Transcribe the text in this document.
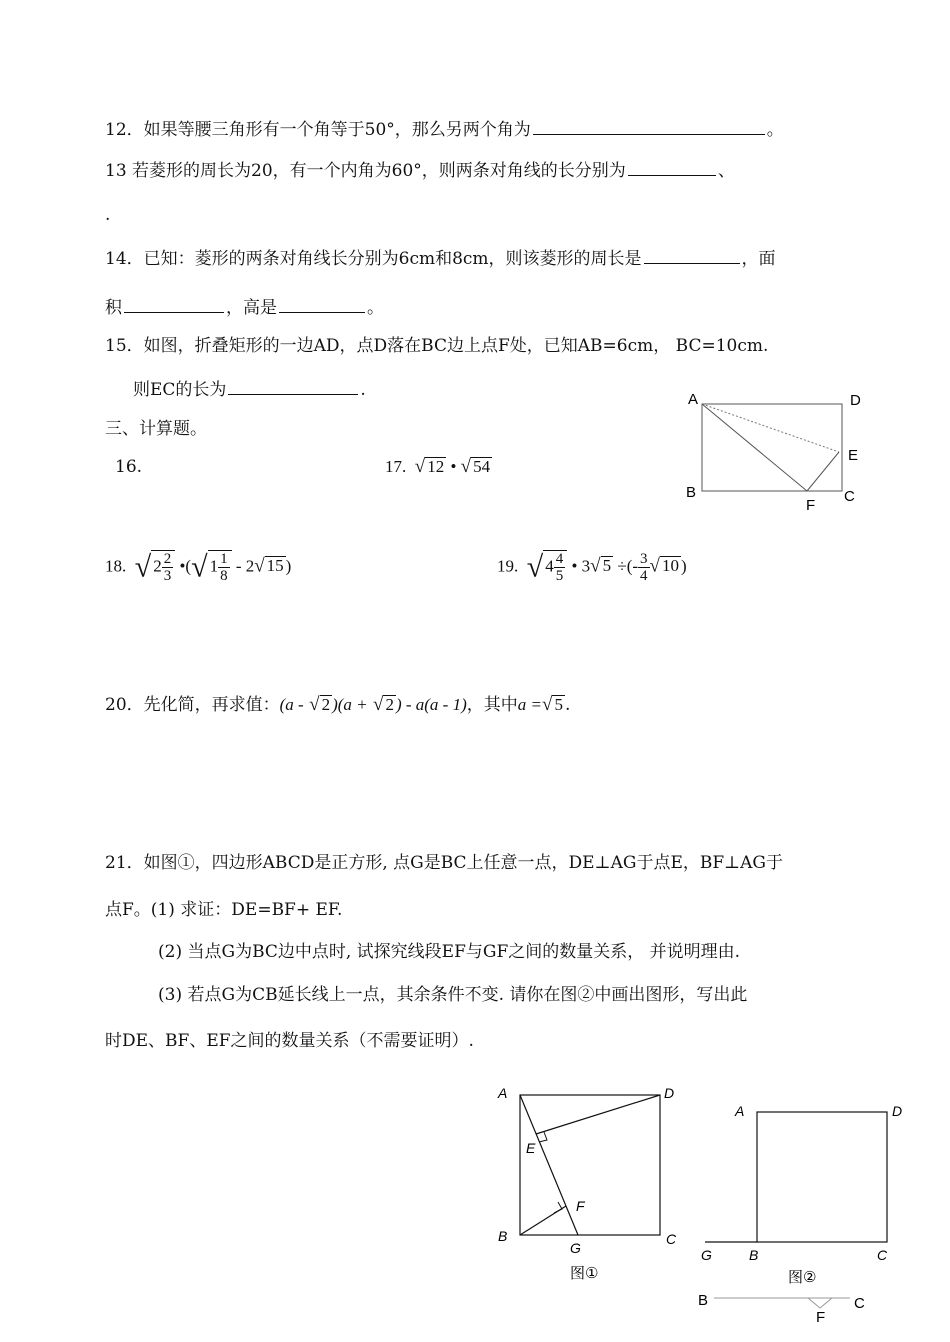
12．如果等腰三角形有一个角等于50°，那么另两个角为	。
13 若菱形的周长为20，有一个内角为60°，则两条对角线的长分别为	、
.
14．已知：菱形的两条对角线长分别为6cm和8cm，则该菱形的周长是	，面
积	，高是	。
15．如图，折叠矩形的一边AD，点D落在BC边上点F处，已知AB=6cm， BC=10cm.
则EC的长为	.
三、计算题。
16.	17. √ 12 • √ 54
A	D
E
B
F
C
18. √ $2 \frac{2}{3}$ •(√ $1 \frac{1}{8} - 2√$ 15 )	19. √ $4 \frac{4}{5}$ • 3√ 5 ÷(- $\frac{3}{4}$ √ 10 )
20．先化简，再求值：(a - √ 2 )(a + √ 2 ) - a(a - 1)，其中a =√ 5 .
21．如图①，四边形ABCD是正方形, 点G是BC上任意一点，DE⊥AG于点E，BF⊥AG于
点F。(1) 求证：DE=BF+ EF.
(2) 当点G为BC边中点时, 试探究线段EF与GF之间的数量关系， 并说明理由.
(3) 若点G为CB延长线上一点，其余条件不变. 请你在图②中画出图形，写出此
时DE、BF、EF之间的数量关系（不需要证明）.
A	D
E
F
B
G
C
图①
A	D
G	B	C
图②
B
F
C
